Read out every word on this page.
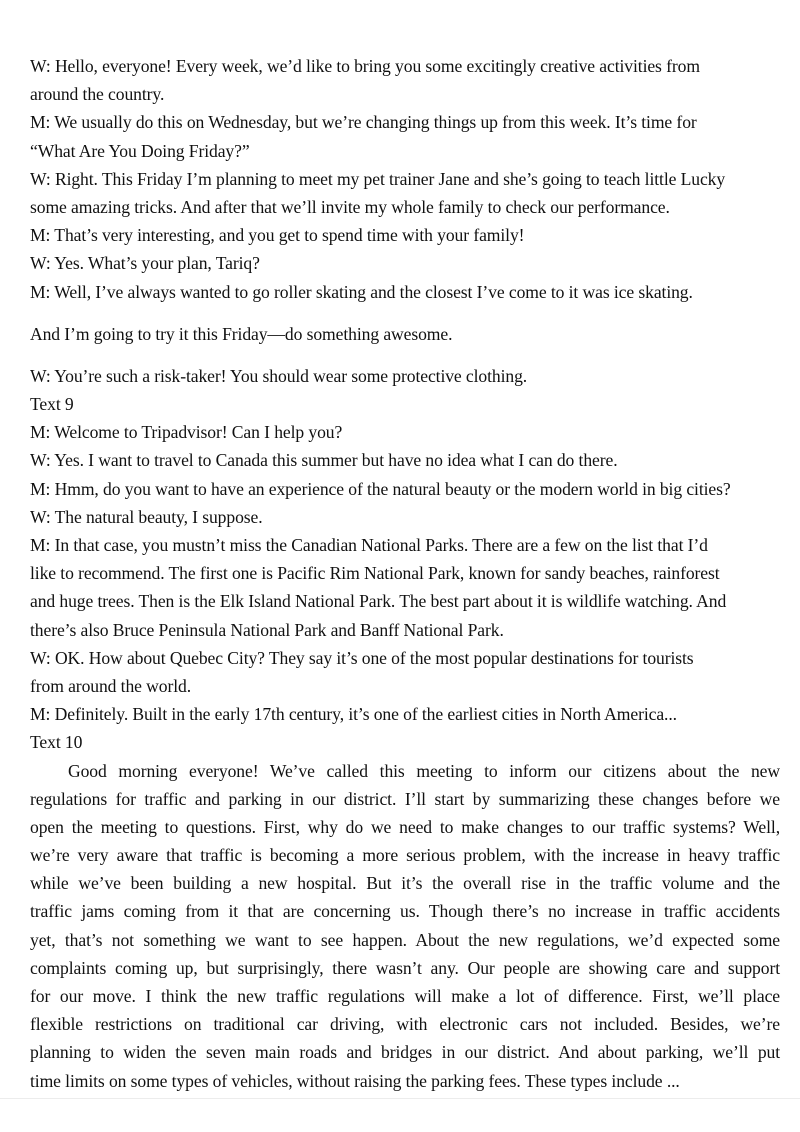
W: Hello, everyone! Every week, we’d like to bring you some excitingly creative activities from
around the country.
M: We usually do this on Wednesday, but we’re changing things up from this week. It’s time for
“What Are You Doing Friday?”
W: Right. This Friday I’m planning to meet my pet trainer Jane and she’s going to teach little Lucky
some amazing tricks. And after that we’ll invite my whole family to check our performance.
M: That’s very interesting, and you get to spend time with your family!
W: Yes. What’s your plan, Tariq?
M: Well, I’ve always wanted to go roller skating and the closest I’ve come to it was ice skating.
And I’m going to try it this Friday—do something awesome.
W: You’re such a risk-taker! You should wear some protective clothing.
Text 9
M: Welcome to Tripadvisor! Can I help you?
W: Yes. I want to travel to Canada this summer but have no idea what I can do there.
M: Hmm, do you want to have an experience of the natural beauty or the modern world in big cities?
W: The natural beauty, I suppose.
M: In that case, you mustn’t miss the Canadian National Parks. There are a few on the list that I’d
like to recommend. The first one is Pacific Rim National Park, known for sandy beaches, rainforest
and huge trees. Then is the Elk Island National Park. The best part about it is wildlife watching. And
there’s also Bruce Peninsula National Park and Banff National Park.
W: OK. How about Quebec City? They say it’s one of the most popular destinations for tourists
from around the world.
M: Definitely. Built in the early 17th century, it’s one of the earliest cities in North America...
Text 10
Good morning everyone! We’ve called this meeting to inform our citizens about the new
regulations for traffic and parking in our district. I’ll start by summarizing these changes before we
open the meeting to questions. First, why do we need to make changes to our traffic systems? Well,
we’re very aware that traffic is becoming a more serious problem, with the increase in heavy traffic
while we’ve been building a new hospital. But it’s the overall rise in the traffic volume and the
traffic jams coming from it that are concerning us. Though there’s no increase in traffic accidents
yet, that’s not something we want to see happen. About the new regulations, we’d expected some
complaints coming up, but surprisingly, there wasn’t any. Our people are showing care and support
for our move. I think the new traffic regulations will make a lot of difference. First, we’ll place
flexible restrictions on traditional car driving, with electronic cars not included. Besides, we’re
planning to widen the seven main roads and bridges in our district. And about parking, we’ll put
time limits on some types of vehicles, without raising the parking fees. These types include ...
